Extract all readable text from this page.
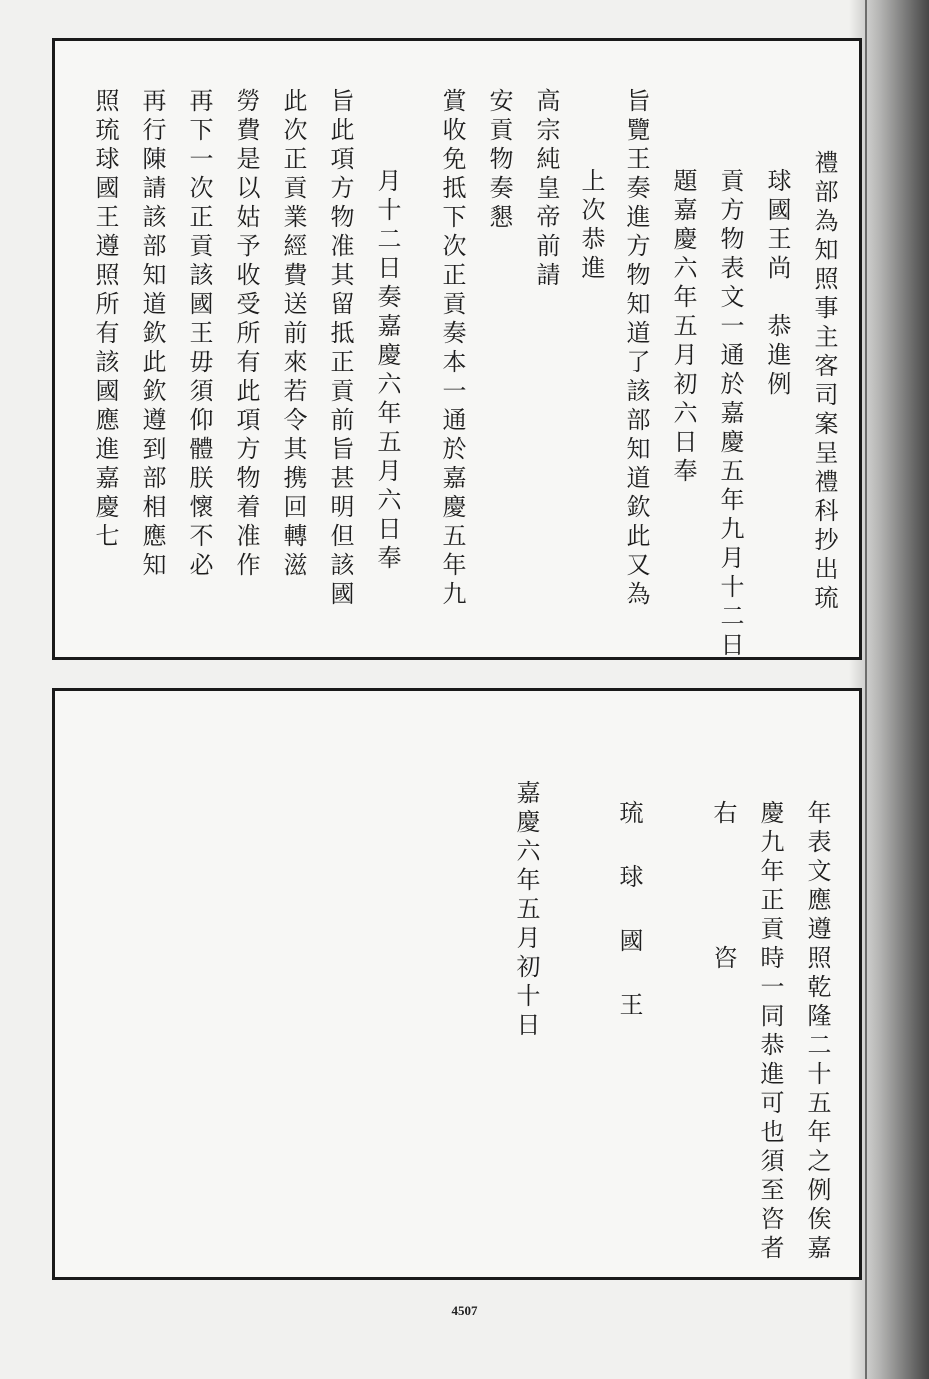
禮部為知照事主客司案呈禮科抄出琉
球國王尚　恭進例
貢方物表文一通於嘉慶五年九月十二日
題嘉慶六年五月初六日奉
旨覽王奏進方物知道了該部知道欽此又為
上次恭進
高宗純皇帝前請
安貢物奏懇
賞收免抵下次正貢奏本一通於嘉慶五年九
月十二日奏嘉慶六年五月六日奉
旨此項方物准其留抵正貢前旨甚明但該國
此次正貢業經費送前來若令其携回轉滋
勞費是以姑予收受所有此項方物着准作
再下一次正貢該國王毋須仰體朕懷不必
再行陳請該部知道欽此欽遵到部相應知
照琉球國王遵照所有該國應進嘉慶七
年表文應遵照乾隆二十五年之例俟嘉
慶九年正貢時一同恭進可也須至咨者
右　　　　咨
琉球國王
嘉慶六年五月初十日
4507
